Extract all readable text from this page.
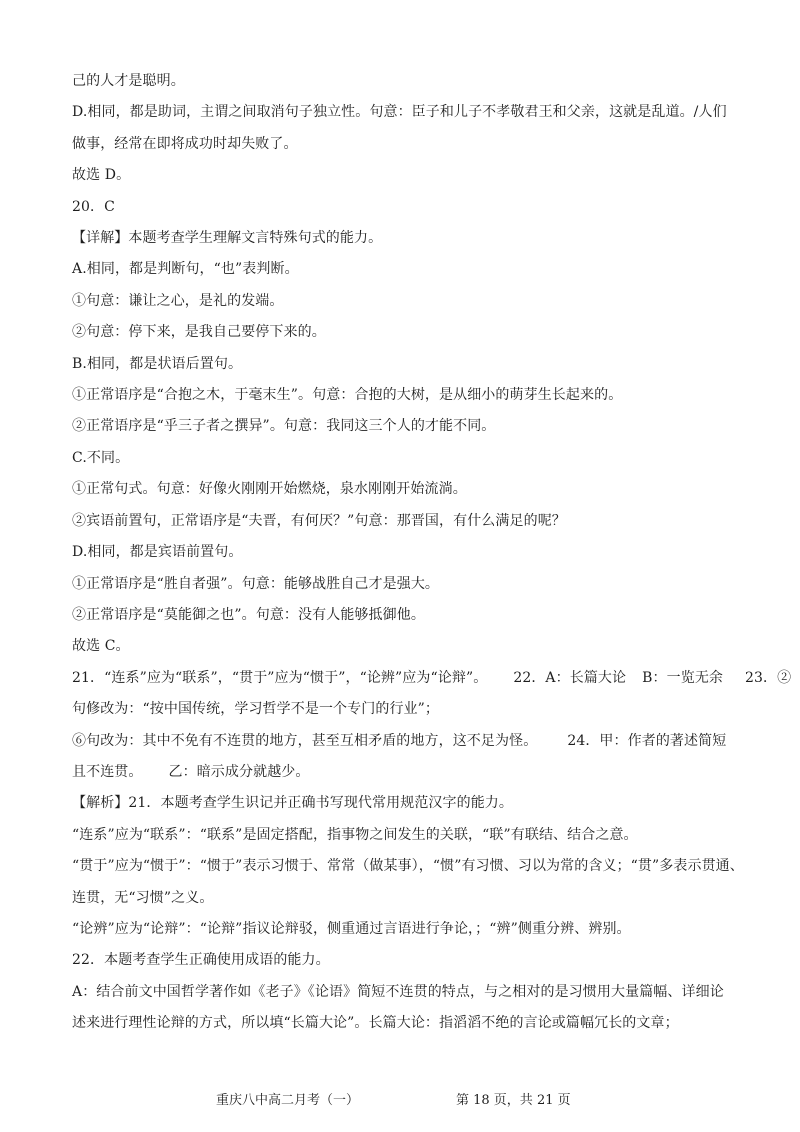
己的人才是聪明。
D.相同，都是助词，主谓之间取消句子独立性。句意：臣子和儿子不孝敬君王和父亲，这就是乱道。/人们
做事，经常在即将成功时却失败了。
故选 D。
20．C
【详解】本题考查学生理解文言特殊句式的能力。
A.相同，都是判断句，“也”表判断。
①句意：谦让之心，是礼的发端。
②句意：停下来，是我自己要停下来的。
B.相同，都是状语后置句。
①正常语序是“合抱之木，于毫末生”。句意：合抱的大树，是从细小的萌芽生长起来的。
②正常语序是“乎三子者之撰异”。句意：我同这三个人的才能不同。
C.不同。
①正常句式。句意：好像火刚刚开始燃烧，泉水刚刚开始流淌。
②宾语前置句，正常语序是“夫晋，有何厌？”句意：那晋国，有什么满足的呢？
D.相同，都是宾语前置句。
①正常语序是“胜自者强”。句意：能够战胜自己才是强大。
②正常语序是“莫能御之也”。句意：没有人能够抵御他。
故选 C。
21．“连系”应为“联系”，“贯于”应为“惯于”，“论辨”应为“论辩”。 22．A：长篇大论 B：一览无余 23．②
句修改为：“按中国传统，学习哲学不是一个专门的行业”；
⑥句改为：其中不免有不连贯的地方，甚至互相矛盾的地方，这不足为怪。 24．甲：作者的著述简短
且不连贯。 乙：暗示成分就越少。
【解析】21．本题考查学生识记并正确书写现代常用规范汉字的能力。
“连系”应为“联系”：“联系”是固定搭配，指事物之间发生的关联，“联”有联结、结合之意。
“贯于”应为“惯于”：“惯于”表示习惯于、常常（做某事），“惯”有习惯、习以为常的含义；“贯”多表示贯通、
连贯，无“习惯”之义。
“论辨”应为“论辩”：“论辩”指议论辩驳，侧重通过言语进行争论，；“辨”侧重分辨、辨别。
22．本题考查学生正确使用成语的能力。
A：结合前文中国哲学著作如《老子》《论语》简短不连贯的特点，与之相对的是习惯用大量篇幅、详细论
述来进行理性论辩的方式，所以填“长篇大论”。长篇大论：指滔滔不绝的言论或篇幅冗长的文章；
重庆八中高二月考（一）	第 18 页，共 21 页
